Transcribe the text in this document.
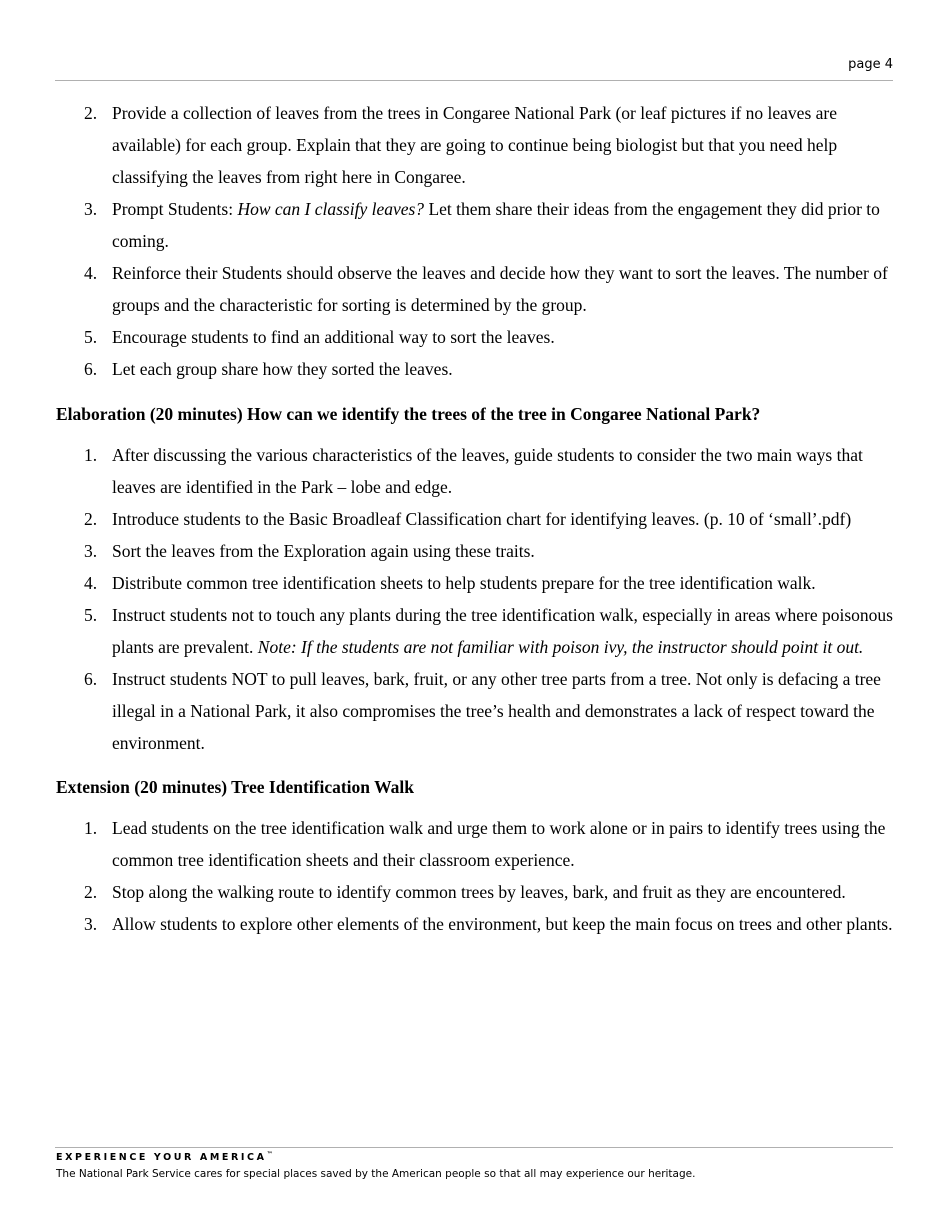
page 4
2. Provide a collection of leaves from the trees in Congaree National Park (or leaf pictures if no leaves are available) for each group. Explain that they are going to continue being biologist but that you need help classifying the leaves from right here in Congaree.
3. Prompt Students: How can I classify leaves? Let them share their ideas from the engagement they did prior to coming.
4. Reinforce their Students should observe the leaves and decide how they want to sort the leaves. The number of groups and the characteristic for sorting is determined by the group.
5. Encourage students to find an additional way to sort the leaves.
6. Let each group share how they sorted the leaves.

Elaboration (20 minutes) How can we identify the trees of the tree in Congaree National Park?

1. After discussing the various characteristics of the leaves, guide students to consider the two main ways that leaves are identified in the Park – lobe and edge.
2. Introduce students to the Basic Broadleaf Classification chart for identifying leaves. (p. 10 of ‘small’.pdf)
3. Sort the leaves from the Exploration again using these traits.
4. Distribute common tree identification sheets to help students prepare for the tree identification walk.
5. Instruct students not to touch any plants during the tree identification walk, especially in areas where poisonous plants are prevalent. Note: If the students are not familiar with poison ivy, the instructor should point it out.
6. Instruct students NOT to pull leaves, bark, fruit, or any other tree parts from a tree. Not only is defacing a tree illegal in a National Park, it also compromises the tree’s health and demonstrates a lack of respect toward the environment.

Extension (20 minutes) Tree Identification Walk

1. Lead students on the tree identification walk and urge them to work alone or in pairs to identify trees using the common tree identification sheets and their classroom experience.
2. Stop along the walking route to identify common trees by leaves, bark, and fruit as they are encountered.
3. Allow students to explore other elements of the environment, but keep the main focus on trees and other plants.
EXPERIENCE YOUR AMERICA™
The National Park Service cares for special places saved by the American people so that all may experience our heritage.
